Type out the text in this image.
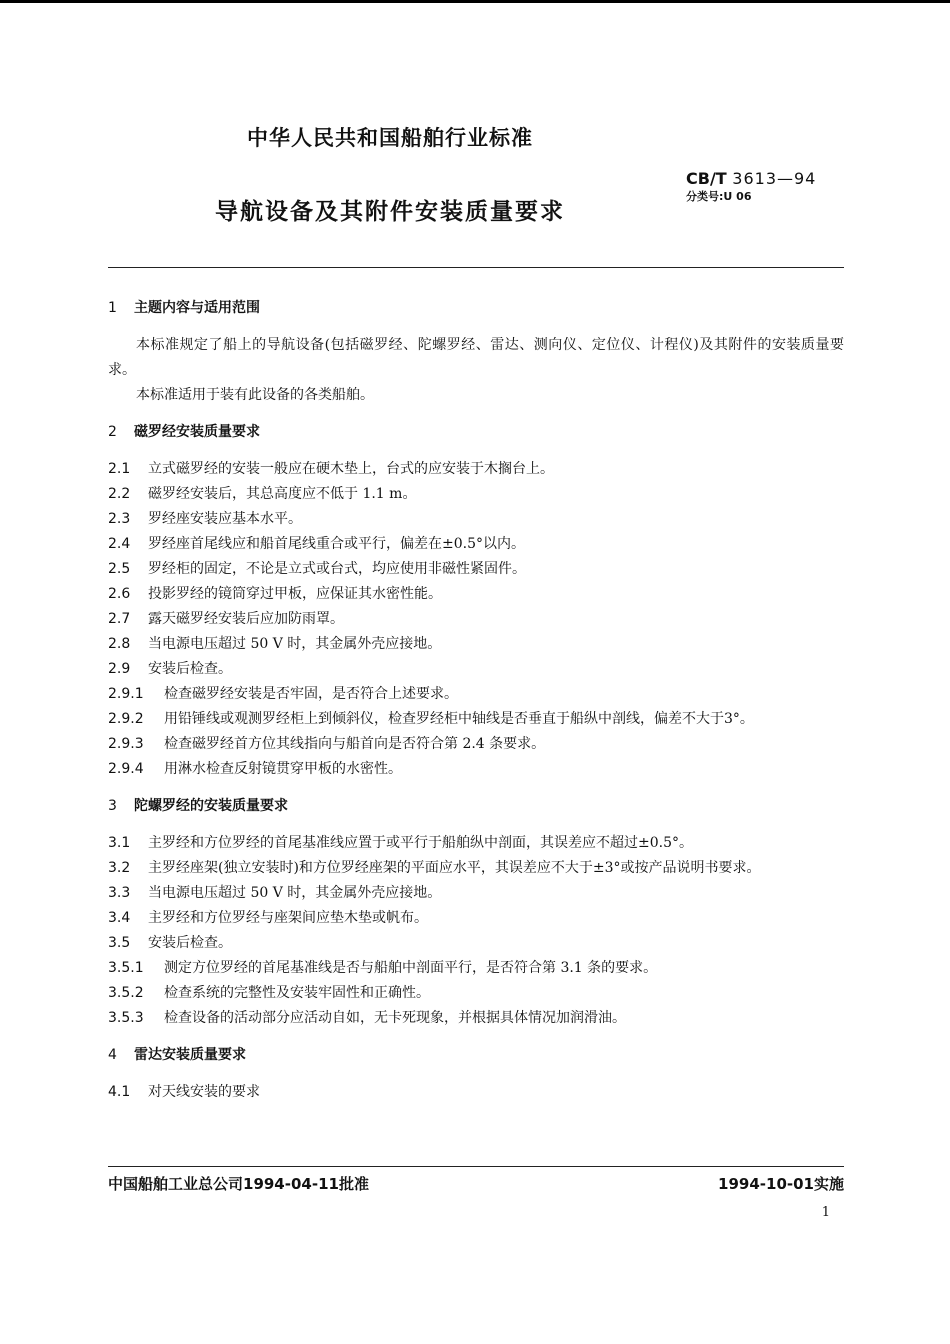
中华人民共和国船舶行业标准
CB/T 3613—94
分类号:U 06
导航设备及其附件安装质量要求
1 主题内容与适用范围

本标准规定了船上的导航设备(包括磁罗经、陀螺罗经、雷达、测向仪、定位仪、计程仪)及其附件的安装质量要求。

本标准适用于装有此设备的各类船舶。

2 磁罗经安装质量要求

2.1 立式磁罗经的安装一般应在硬木垫上，台式的应安装于木搁台上。

2.2 磁罗经安装后，其总高度应不低于 1.1 m。

2.3 罗经座安装应基本水平。

2.4 罗经座首尾线应和船首尾线重合或平行，偏差在±0.5°以内。

2.5 罗经柜的固定，不论是立式或台式，均应使用非磁性紧固件。

2.6 投影罗经的镜筒穿过甲板，应保证其水密性能。

2.7 露天磁罗经安装后应加防雨罩。

2.8 当电源电压超过 50 V 时，其金属外壳应接地。

2.9 安装后检查。

2.9.1 检查磁罗经安装是否牢固，是否符合上述要求。

2.9.2 用铅锤线或观测罗经柜上到倾斜仪，检查罗经柜中轴线是否垂直于船纵中剖线，偏差不大于3°。

2.9.3 检查磁罗经首方位其线指向与船首向是否符合第 2.4 条要求。

2.9.4 用淋水检查反射镜贯穿甲板的水密性。

3 陀螺罗经的安装质量要求

3.1 主罗经和方位罗经的首尾基准线应置于或平行于船舶纵中剖面，其误差应不超过±0.5°。

3.2 主罗经座架(独立安装时)和方位罗经座架的平面应水平，其误差应不大于±3°或按产品说明书要求。

3.3 当电源电压超过 50 V 时，其金属外壳应接地。

3.4 主罗经和方位罗经与座架间应垫木垫或帆布。

3.5 安装后检查。

3.5.1 测定方位罗经的首尾基准线是否与船舶中剖面平行，是否符合第 3.1 条的要求。

3.5.2 检查系统的完整性及安装牢固性和正确性。

3.5.3 检查设备的活动部分应活动自如，无卡死现象，并根据具体情况加润滑油。

4 雷达安装质量要求

4.1 对天线安装的要求

中国船舶工业总公司1994-04-11批准	1994-10-01实施
1
